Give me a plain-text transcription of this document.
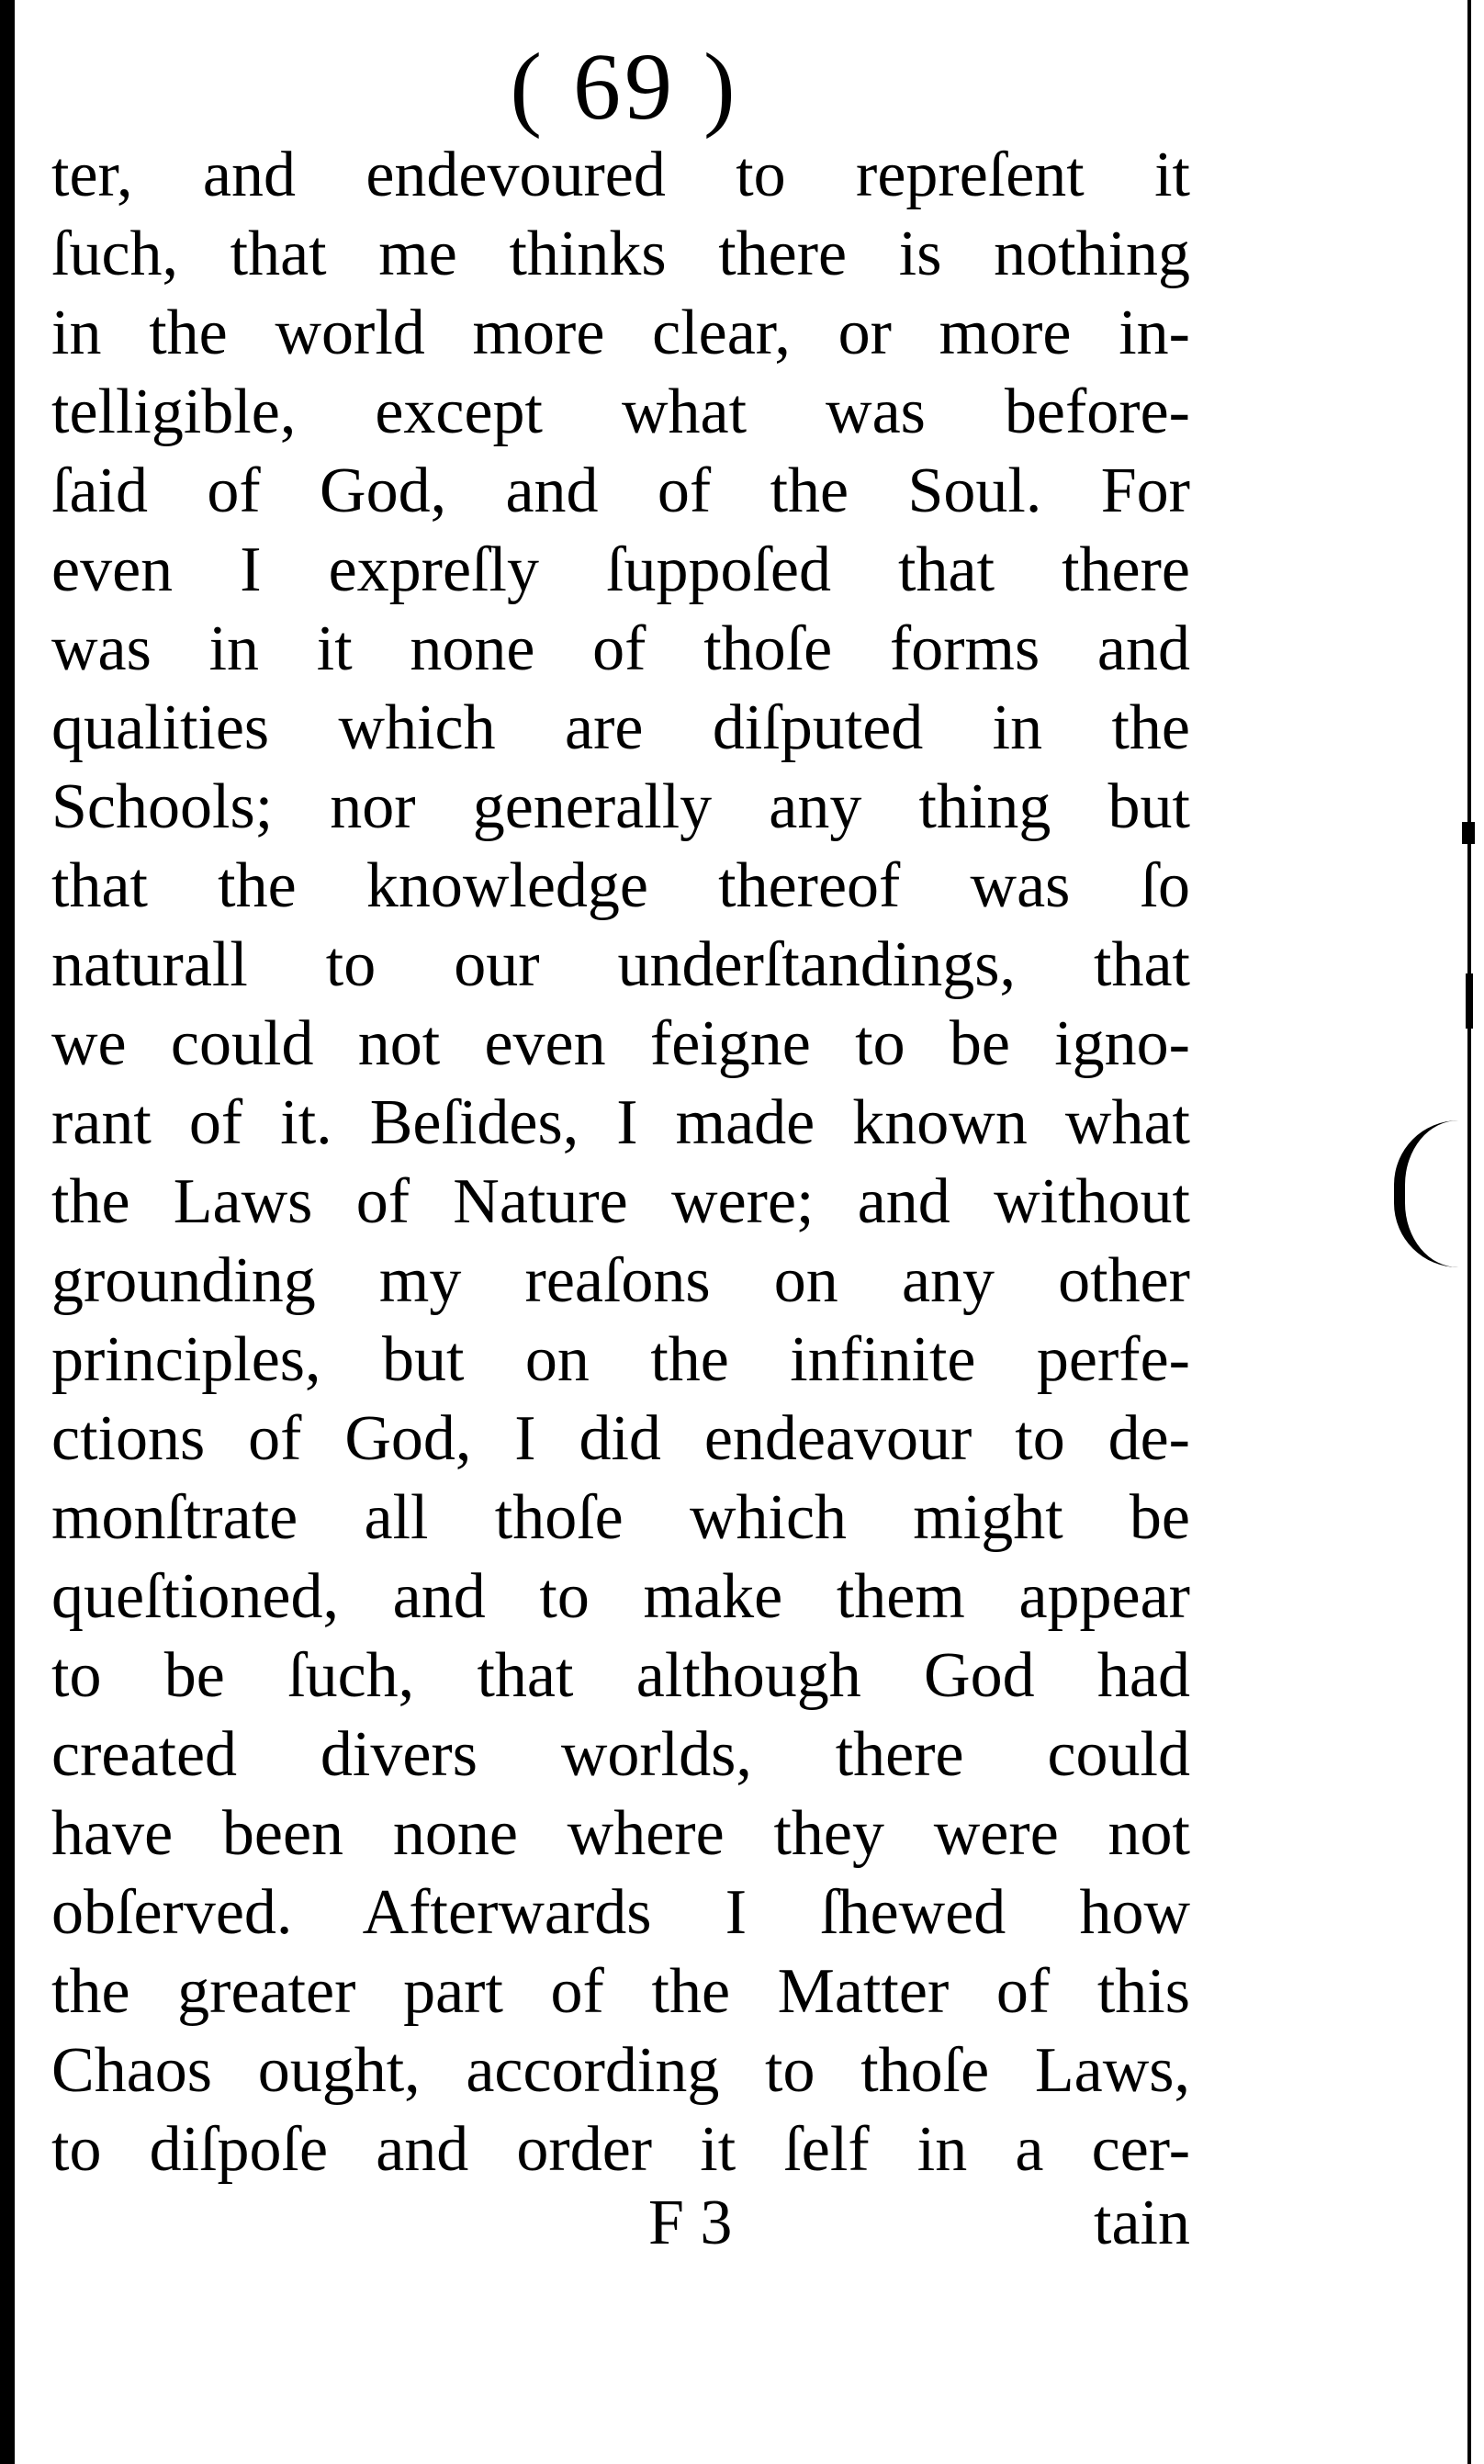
( 69 )
ter, and endevoured to repreſent it
ſuch, that me thinks there is nothing
in the world more clear, or more in-
telligible, except what was before-
ſaid of God, and of the Soul. For
even I expreſly ſuppoſed that there
was in it none of thoſe forms and
qualities which are diſputed in the
Schools; nor generally any thing but
that the knowledge thereof was ſo
naturall to our underſtandings, that
we could not even feigne to be igno-
rant of it. Beſides, I made known what
the Laws of Nature were; and without
grounding my reaſons on any other
principles, but on the infinite perfe-
ctions of God, I did endeavour to de-
monſtrate all thoſe which might be
queſtioned, and to make them appear
to be ſuch, that although God had
created divers worlds, there could
have been none where they were not
obſerved. Afterwards I ſhewed how
the greater part of the Matter of this
Chaos ought, according to thoſe Laws,
to diſpoſe and order it ſelf in a cer-
F 3	tain
